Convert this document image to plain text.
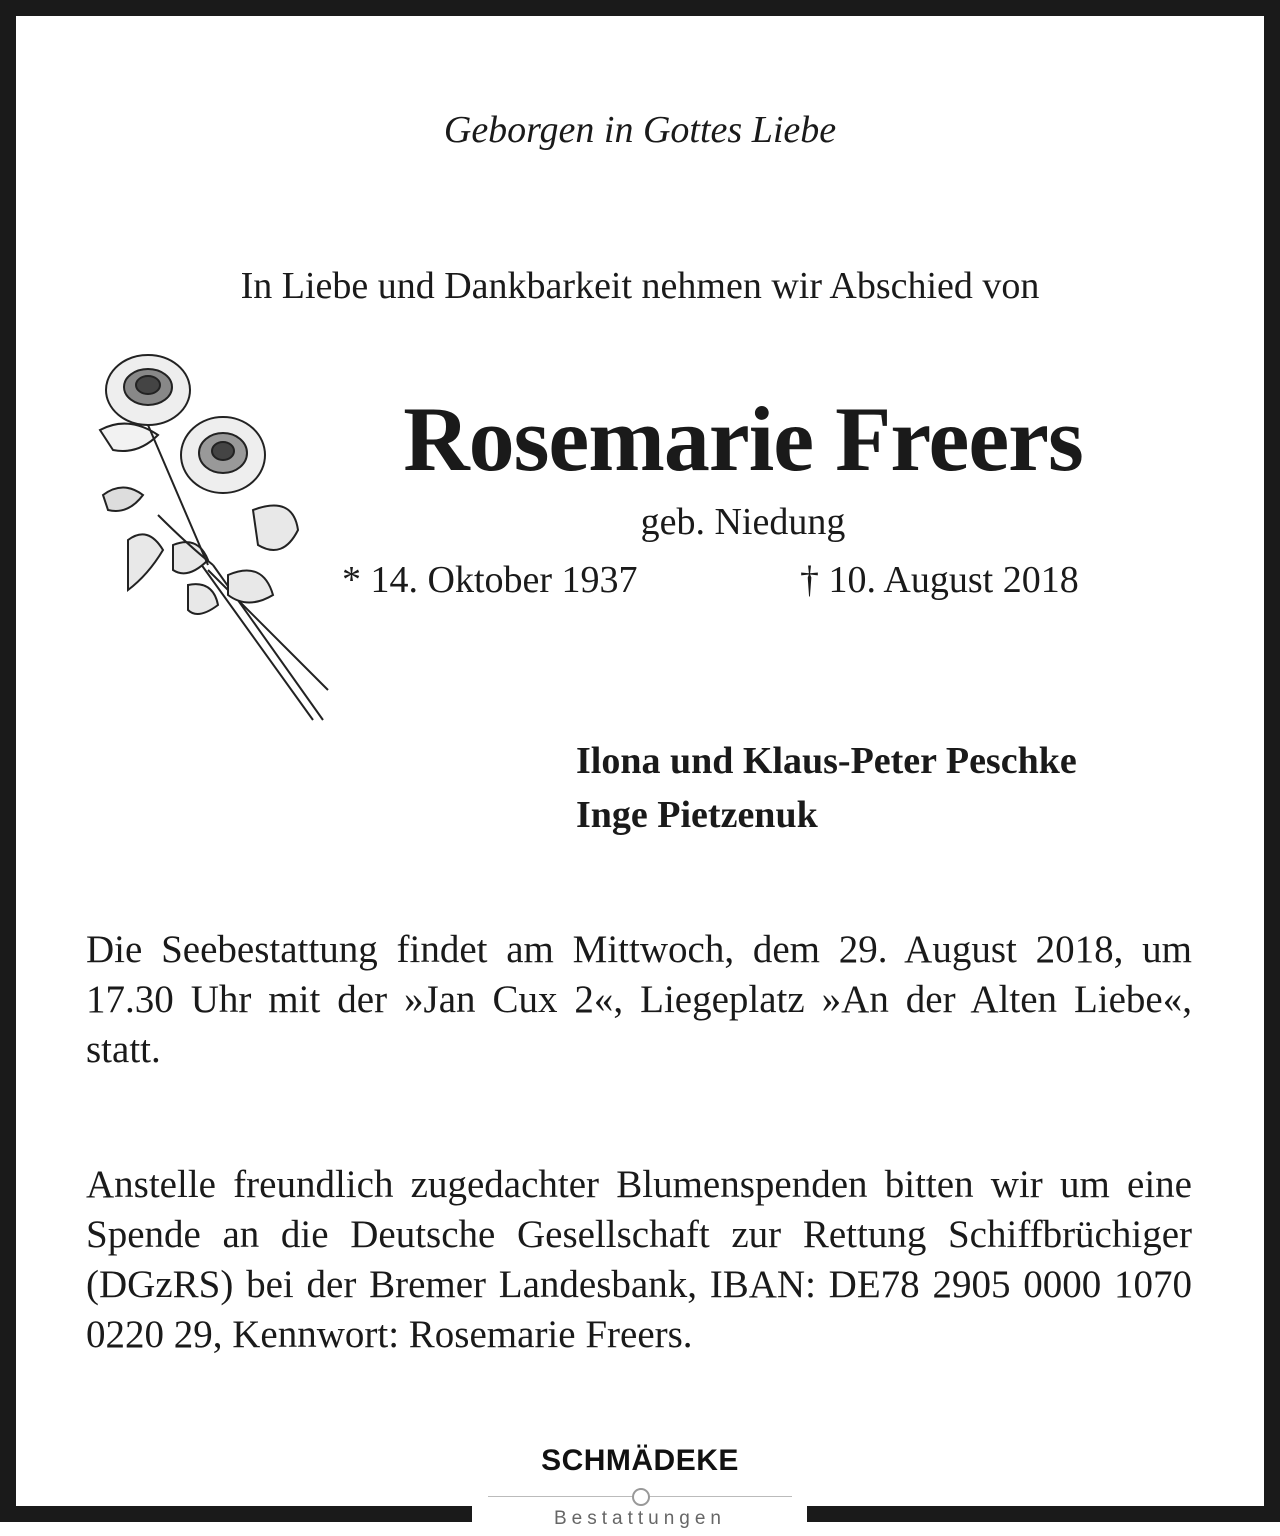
Geborgen in Gottes Liebe
In Liebe und Dankbarkeit nehmen wir Abschied von
Rosemarie Freers
geb. Niedung
* 14. Oktober 1937	† 10. August 2018
Ilona und Klaus-Peter Peschke
Inge Pietzenuk
Die Seebestattung findet am Mittwoch, dem 29. August 2018, um 17.30 Uhr mit der »Jan Cux 2«, Liegeplatz »An der Alten Liebe«, statt.
Anstelle freundlich zugedachter Blumenspenden bitten wir um eine Spende an die Deutsche Gesellschaft zur Rettung Schiffbrüchiger (DGzRS) bei der Bremer Landesbank, IBAN: DE78 2905 0000 1070 0220 29, Kennwort: Rosemarie Freers.
SCHMÄDEKE
Bestattungen
